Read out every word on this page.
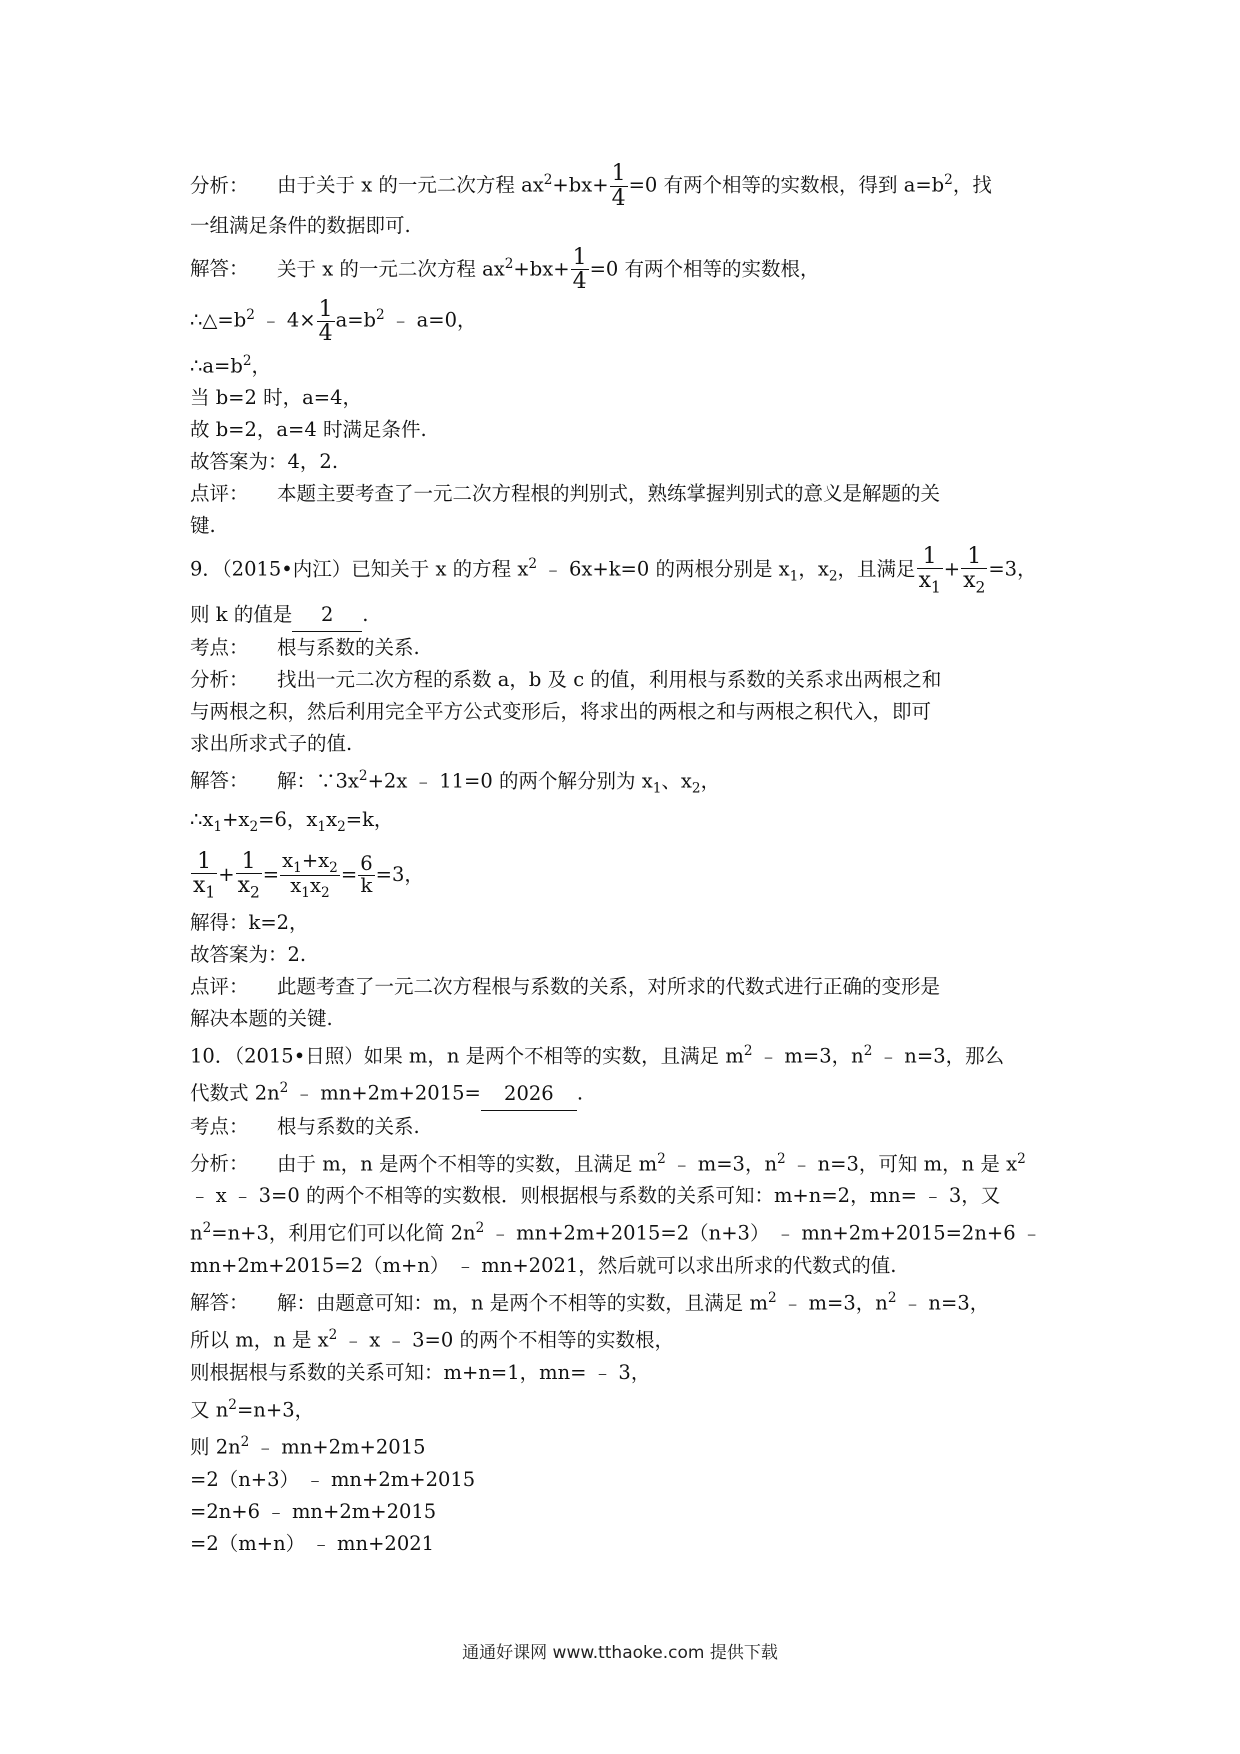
分析： 由于关于 x 的一元二次方程 $ax^2+bx+ \frac{1}{4} =0$ 有两个相等的实数根，得到 $a=b^2$，找
一组满足条件的数据即可.
解答： 关于 x 的一元二次方程 $ax^2+bx+ \frac{1}{4} =0$ 有两个相等的实数根，
$\therefore\triangle=b^2$ ﹣ $4\times \frac{1}{4} a=b^2$ ﹣ a=0，
$\therefore a=b^2$，
当 b=2 时，a=4，
故 b=2，a=4 时满足条件.
故答案为：4，2.
点评： 本题主要考查了一元二次方程根的判别式，熟练掌握判别式的意义是解题的关
键.
9．（2015•内江）已知关于 x 的方程 $x^2$ ﹣ 6x+k=0 的两根分别是 $x_1$，$x_2$，且满足 $\frac{1}{x_1} + \frac{1}{x_2} =3$，
则 k 的值是 2 .
考点： 根与系数的关系.
分析： 找出一元二次方程的系数 a，b 及 c 的值，利用根与系数的关系求出两根之和
与两根之积，然后利用完全平方公式变形后，将求出的两根之和与两根之积代入，即可
求出所求式子的值.
解答： 解：$\because 3x^2+2x$ ﹣ 11=0 的两个解分别为 $x_1$、$x_2$，
$\therefore x_1+x_2=6$，$x_1x_2=k$，
$\frac{1}{x_1} + \frac{1}{x_2} = \frac{x_1+x_2}{x_1x_2} = \frac{6}{k} =3$，
解得：k=2，
故答案为：2.
点评： 此题考查了一元二次方程根与系数的关系，对所求的代数式进行正确的变形是
解决本题的关键.
10．（2015•日照）如果 m，n 是两个不相等的实数，且满足 $m^2$ ﹣ m=3，$n^2$ ﹣ n=3，那么
代数式 $2n^2$ ﹣ mn+2m+2015= 2026 .
考点： 根与系数的关系.
分析： 由于 m，n 是两个不相等的实数，且满足 $m^2$ ﹣ m=3，$n^2$ ﹣ n=3，可知 m，n 是 $x^2$
﹣ x ﹣ 3=0 的两个不相等的实数根．则根据根与系数的关系可知：m+n=2，mn= ﹣ 3，又
$n^2=n+3$，利用它们可以化简 $2n^2$ ﹣ mn+2m+2015=2（n+3） ﹣ mn+2m+2015=2n+6 ﹣
mn+2m+2015=2（m+n） ﹣ mn+2021，然后就可以求出所求的代数式的值.
解答： 解：由题意可知：m，n 是两个不相等的实数，且满足 $m^2$ ﹣ m=3，$n^2$ ﹣ n=3，
所以 m，n 是 $x^2$ ﹣ x ﹣ 3=0 的两个不相等的实数根，
则根据根与系数的关系可知：m+n=1，mn= ﹣ 3，
又 $n^2=n+3$，
则 $2n^2$ ﹣ mn+2m+2015
=2（n+3） ﹣ mn+2m+2015
=2n+6 ﹣ mn+2m+2015
=2（m+n） ﹣ mn+2021
通通好课网 www.tthaoke.com 提供下载
